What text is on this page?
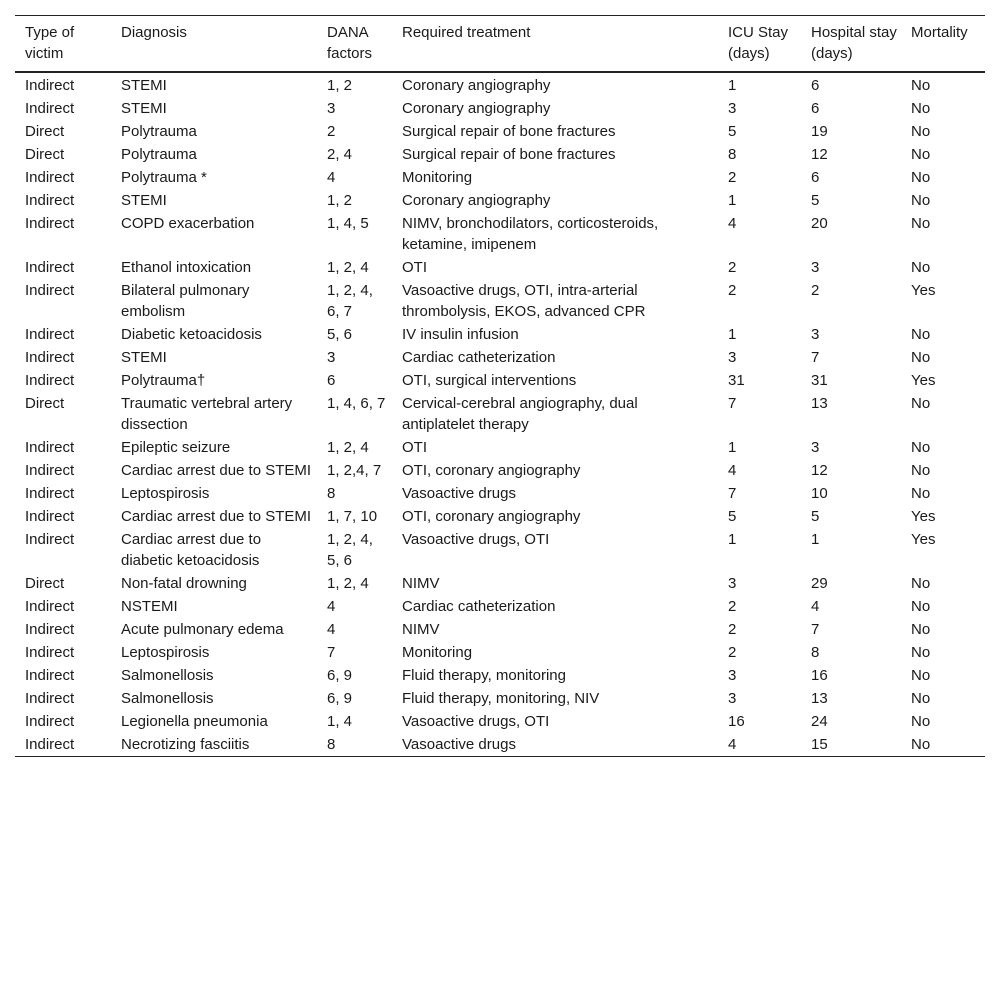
Type of victim	Diagnosis	DANA factors	Required treatment	ICU Stay (days)	Hospital stay (days)	Mortality
Indirect	STEMI	1, 2	Coronary angiography	1	6	No
Indirect	STEMI	3	Coronary angiography	3	6	No
Direct	Polytrauma	2	Surgical repair of bone fractures	5	19	No
Direct	Polytrauma	2, 4	Surgical repair of bone fractures	8	12	No
Indirect	Polytrauma *	4	Monitoring	2	6	No
Indirect	STEMI	1, 2	Coronary angiography	1	5	No
Indirect	COPD exacerbation	1, 4, 5	NIMV, bronchodilators, corticosteroids, ketamine, imipenem	4	20	No
Indirect	Ethanol intoxication	1, 2, 4	OTI	2	3	No
Indirect	Bilateral pulmonary embolism	1, 2, 4, 6, 7	Vasoactive drugs, OTI, intra-arterial thrombolysis, EKOS, advanced CPR	2	2	Yes
Indirect	Diabetic ketoacidosis	5, 6	IV insulin infusion	1	3	No
Indirect	STEMI	3	Cardiac catheterization	3	7	No
Indirect	Polytrauma†	6	OTI, surgical interventions	31	31	Yes
Direct	Traumatic vertebral artery dissection	1, 4, 6, 7	Cervical-cerebral angiography, dual antiplatelet therapy	7	13	No
Indirect	Epileptic seizure	1, 2, 4	OTI	1	3	No
Indirect	Cardiac arrest due to STEMI	1, 2,4, 7	OTI, coronary angiography	4	12	No
Indirect	Leptospirosis	8	Vasoactive drugs	7	10	No
Indirect	Cardiac arrest due to STEMI	1, 7, 10	OTI, coronary angiography	5	5	Yes
Indirect	Cardiac arrest due to diabetic ketoacidosis	1, 2, 4, 5, 6	Vasoactive drugs, OTI	1	1	Yes
Direct	Non-fatal drowning	1, 2, 4	NIMV	3	29	No
Indirect	NSTEMI	4	Cardiac catheterization	2	4	No
Indirect	Acute pulmonary edema	4	NIMV	2	7	No
Indirect	Leptospirosis	7	Monitoring	2	8	No
Indirect	Salmonellosis	6, 9	Fluid therapy, monitoring	3	16	No
Indirect	Salmonellosis	6, 9	Fluid therapy, monitoring, NIV	3	13	No
Indirect	Legionella pneumonia	1, 4	Vasoactive drugs, OTI	16	24	No
Indirect	Necrotizing fasciitis	8	Vasoactive drugs	4	15	No
